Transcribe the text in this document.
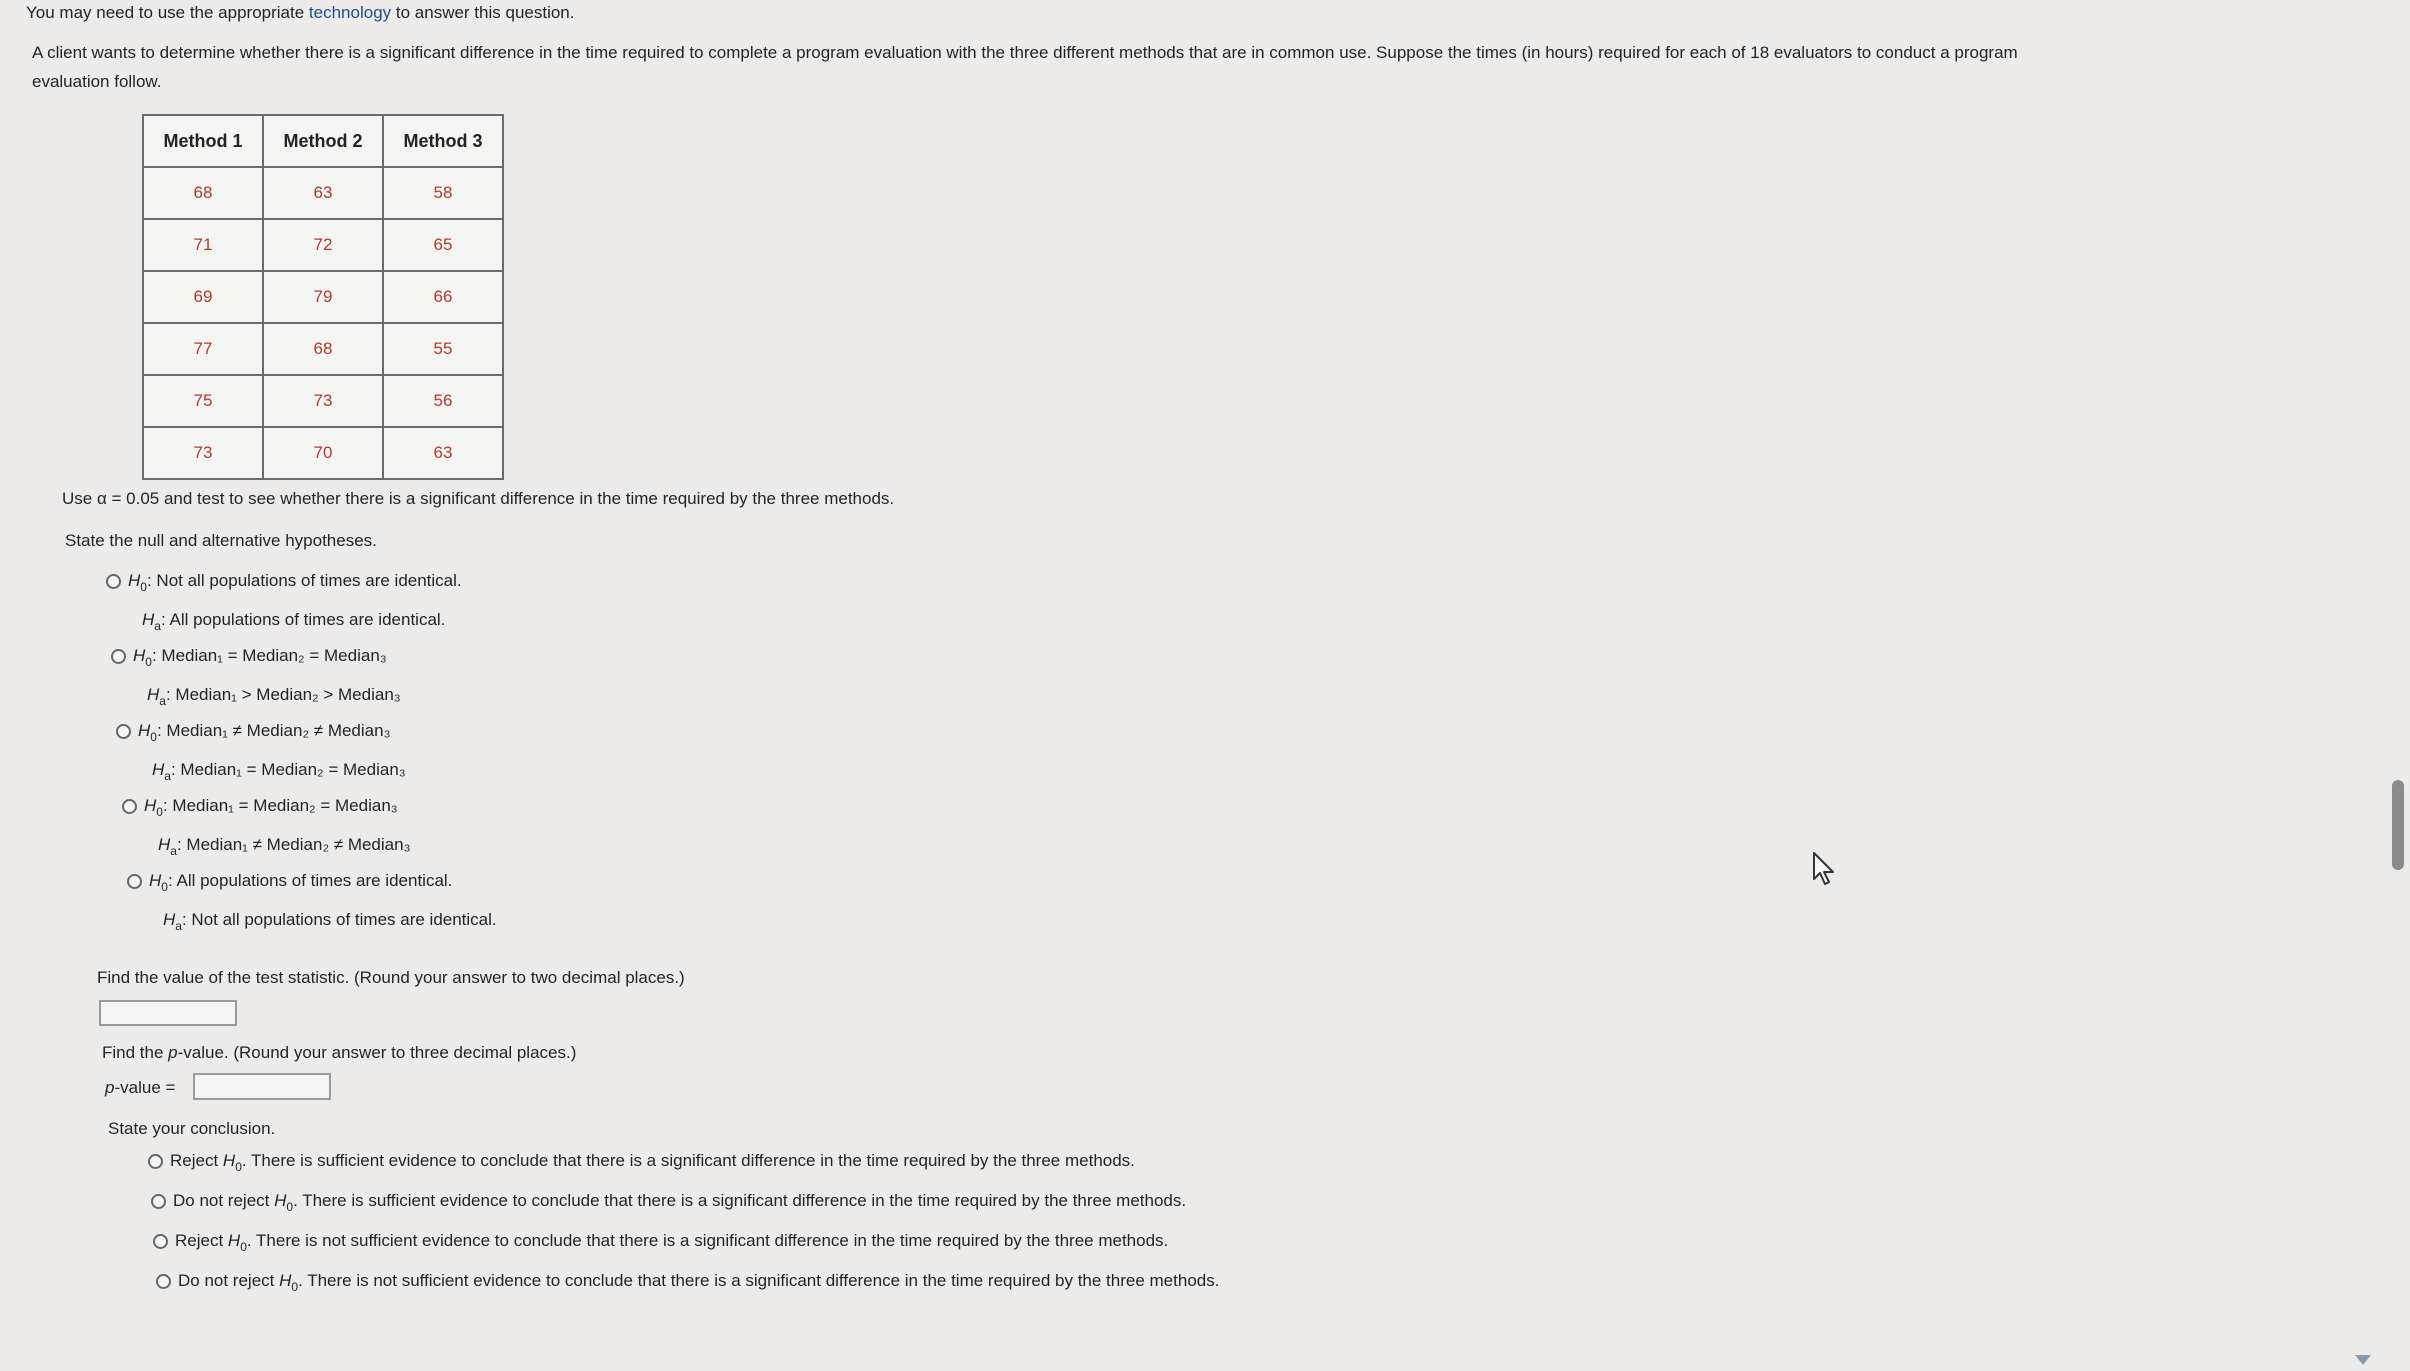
You may need to use the appropriate technology to answer this question.
A client wants to determine whether there is a significant difference in the time required to complete a program evaluation with the three different methods that are in common use. Suppose the times (in hours) required for each of 18 evaluators to conduct a program
evaluation follow.
Method 1	Method 2	Method 3
68	63	58
71	72	65
69	79	66
77	68	55
75	73	56
73	70	63
Use α = 0.05 and test to see whether there is a significant difference in the time required by the three methods.
State the null and alternative hypotheses.
$H_0$: Not all populations of times are identical.
$H_a$: All populations of times are identical.
$H_0$: Median₁ = Median₂ = Median₃
$H_a$: Median₁ > Median₂ > Median₃
$H_0$: Median₁ ≠ Median₂ ≠ Median₃
$H_a$: Median₁ = Median₂ = Median₃
$H_0$: Median₁ = Median₂ = Median₃
$H_a$: Median₁ ≠ Median₂ ≠ Median₃
$H_0$: All populations of times are identical.
$H_a$: Not all populations of times are identical.
Find the value of the test statistic. (Round your answer to two decimal places.)
Find the p-value. (Round your answer to three decimal places.)
p-value =
State your conclusion.
Reject $H_0$. There is sufficient evidence to conclude that there is a significant difference in the time required by the three methods.
Do not reject $H_0$. There is sufficient evidence to conclude that there is a significant difference in the time required by the three methods.
Reject $H_0$. There is not sufficient evidence to conclude that there is a significant difference in the time required by the three methods.
Do not reject $H_0$. There is not sufficient evidence to conclude that there is a significant difference in the time required by the three methods.
